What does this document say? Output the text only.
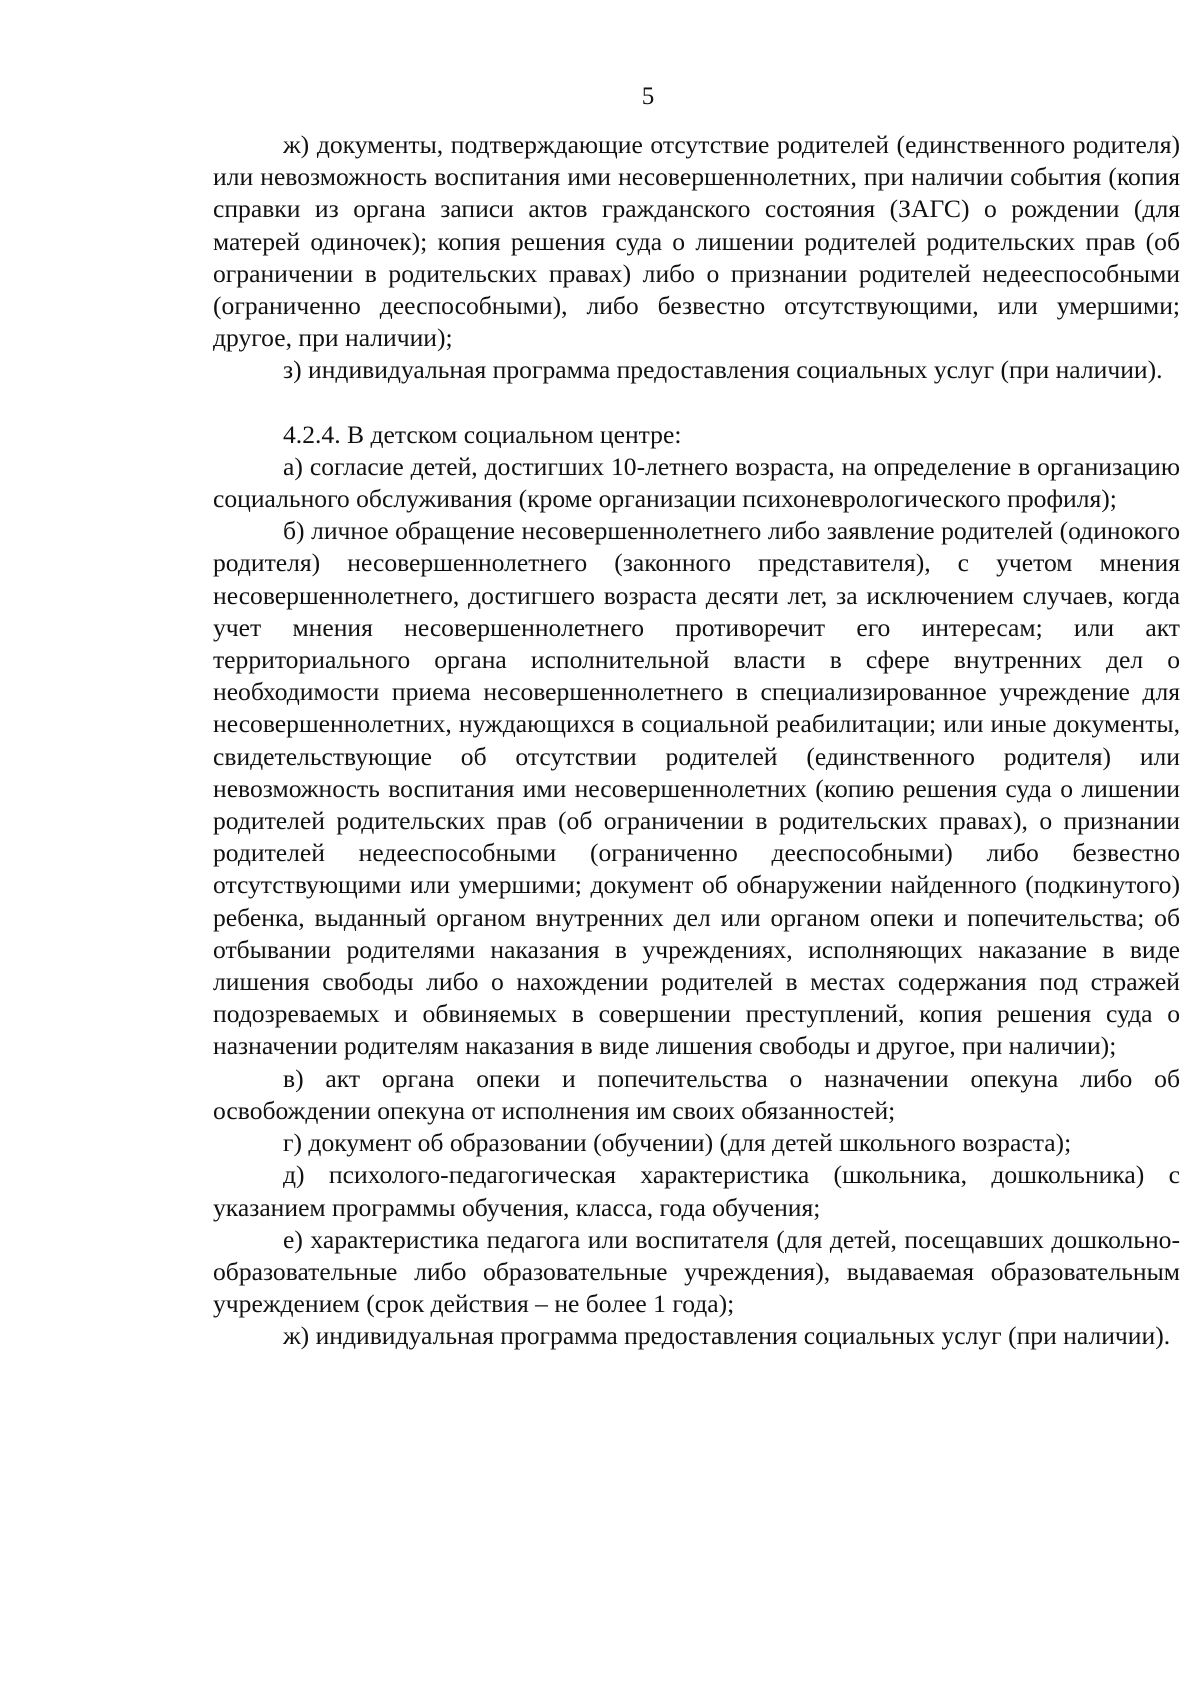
5

ж) документы, подтверждающие отсутствие родителей (единственного родителя) или невозможность воспитания ими несовершеннолетних, при наличии события (копия справки из органа записи актов гражданского состояния (ЗАГС) о рождении (для матерей одиночек); копия решения суда о лишении родителей родительских прав (об ограничении в родительских правах) либо о признании родителей недееспособными (ограниченно дееспособными), либо безвестно отсутствующими, или умершими; другое, при наличии);

з) индивидуальная программа предоставления социальных услуг (при наличии).

4.2.4. В детском социальном центре:

а) согласие детей, достигших 10-летнего возраста, на определение в организацию социального обслуживания (кроме организации психоневрологического профиля);

б) личное обращение несовершеннолетнего либо заявление родителей (одинокого родителя) несовершеннолетнего (законного представителя), с учетом мнения несовершеннолетнего, достигшего возраста десяти лет, за исключением случаев, когда учет мнения несовершеннолетнего противоречит его интересам; или акт территориального органа исполнительной власти в сфере внутренних дел о необходимости приема несовершеннолетнего в специализированное учреждение для несовершеннолетних, нуждающихся в социальной реабилитации; или иные документы, свидетельствующие об отсутствии родителей (единственного родителя) или невозможность воспитания ими несовершеннолетних (копию решения суда о лишении родителей родительских прав (об ограничении в родительских правах), о признании родителей недееспособными (ограниченно дееспособными) либо безвестно отсутствующими или умершими; документ об обнаружении найденного (подкинутого) ребенка, выданный органом внутренних дел или органом опеки и попечительства; об отбывании родителями наказания в учреждениях, исполняющих наказание в виде лишения свободы либо о нахождении родителей в местах содержания под стражей подозреваемых и обвиняемых в совершении преступлений, копия решения суда о назначении родителям наказания в виде лишения свободы и другое, при наличии);

в) акт органа опеки и попечительства о назначении опекуна либо об освобождении опекуна от исполнения им своих обязанностей;

г) документ об образовании (обучении) (для детей школьного возраста);

д) психолого-педагогическая характеристика (школьника, дошкольника) с указанием программы обучения, класса, года обучения;

е) характеристика педагога или воспитателя (для детей, посещавших дошкольно-образовательные либо образовательные учреждения), выдаваемая образовательным учреждением (срок действия – не более 1 года);

ж) индивидуальная программа предоставления социальных услуг (при наличии).
